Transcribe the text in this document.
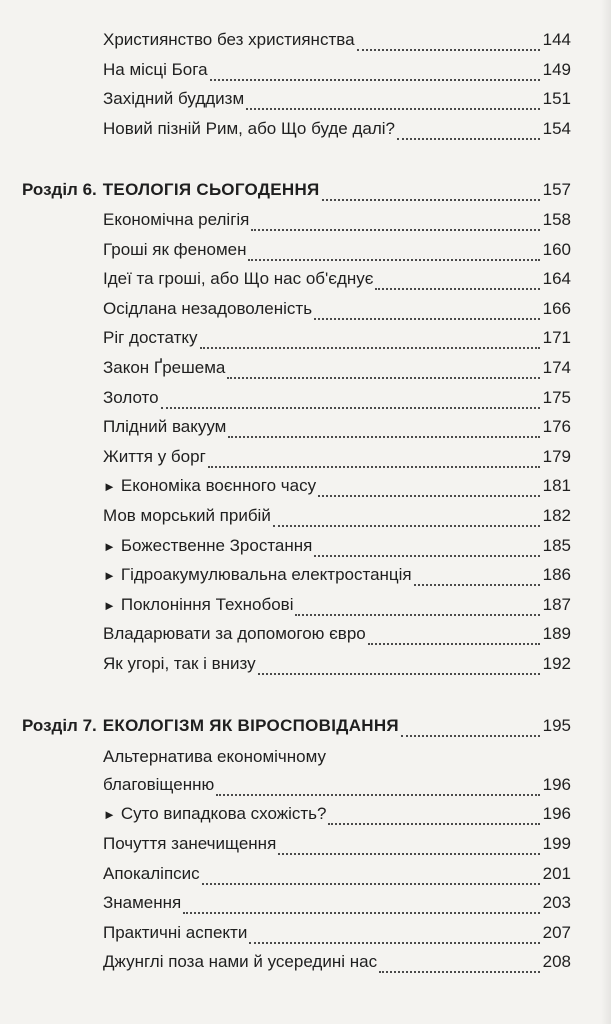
Християнство без християнства	144
На місці Бога	149
Західний буддизм	151
Новий пізній Рим, або Що буде далі?	154
Розділ 6. ТЕОЛОГІЯ СЬОГОДЕННЯ	157
Економічна релігія	158
Гроші як феномен	160
Ідеї та гроші, або Що нас об'єднує	164
Осідлана незадоволеність	166
Ріг достатку	171
Закон Ґрешема	174
Золото	175
Плідний вакуум	176
Життя у борг	179
► Економіка воєнного часу	181
Мов морський прибій	182
► Божественне Зростання	185
► Гідроакумулювальна електростанція	186
► Поклоніння Технобові	187
Владарювати за допомогою євро	189
Як угорі, так і внизу	192
Розділ 7. ЕКОЛОГІЗМ ЯК ВІРОСПОВІДАННЯ	195
Альтернатива економічному
благовіщенню	196
► Суто випадкова схожість?	196
Почуття занечищення	199
Апокаліпсис	201
Знамення	203
Практичні аспекти	207
Джунглі поза нами й усередині нас	208
